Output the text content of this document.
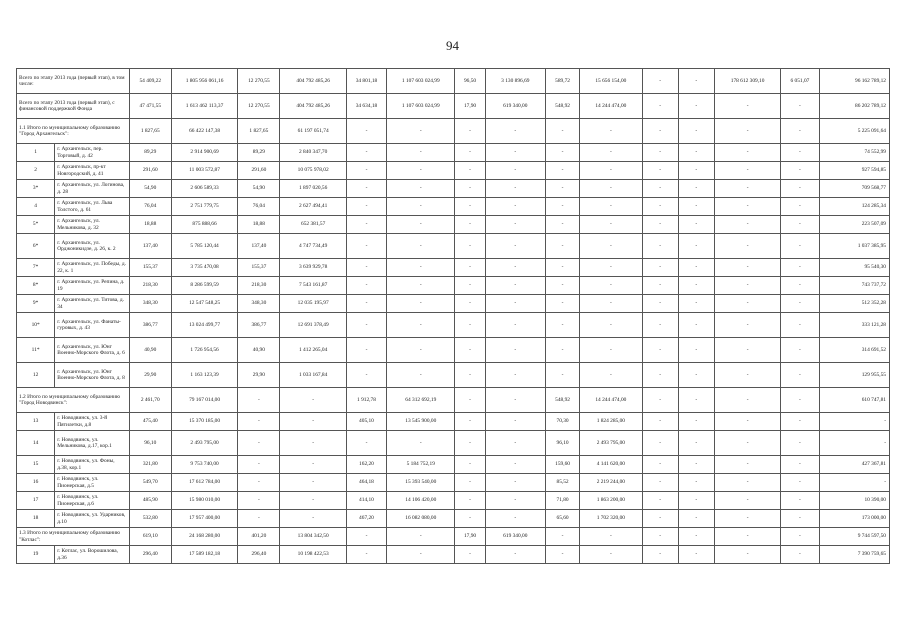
94
Всего по этапу 2013 года (первый этап), в том числе:		54 409,22	1 805 956 061,16	12 270,55	404 792 485,26	34 801,18	1 107 603 024,99	96,50	3 130 896,69	589,72	15 656 154,00	-	-	178 612 309,10	6 051,07	96 162 789,12
Всего по этапу 2013 года (первый этап), с финансовой поддержкой Фонда		47 471,55	1 613 462 113,37	12 270,55	404 792 485,26	34 634,18	1 107 603 024,99	17,90	619 340,00	548,92	14 244 474,00	-	-	-	-	86 202 789,12
1.1 Итого по муниципальному образованию "Город Архангельск":		1 827,65	66 422 147,38	1 827,65	61 197 051,74	-	-	-	-	-	-	-	-	-	-	5 225 091,64
1	г. Архангельск, пер. Торговый, д. 42	89,29	2 914 900,69	89,29	2 840 347,70	-	-	-	-	-	-	-	-	-	-	74 552,99
2	г. Архангельск, пр-кт Новгородский, д. 41	291,60	11 003 572,87	291,60	10 075 978,02	-	-	-	-	-	-	-	-	-	-	927 594,85
3*	г. Архангельск, ул. Логинова, д. 28	54,90	2 606 589,33	54,90	1 897 020,56	-	-	-	-	-	-	-	-	-	-	709 568,77
4	г. Архангельск, ул. Льва Толстого, д. 61	76,04	2 751 779,75	76,04	2 627 494,41	-	-	-	-	-	-	-	-	-	-	124 285,34
5*	г. Архангельск, ул. Мельникова, д. 32	18,88	875 888,66	18,88	652 381,57	-	-	-	-	-	-	-	-	-	-	223 507,09
6*	г. Архангельск, ул. Орджоникидзе, д. 26, к. 2	137,40	5 785 120,44	137,40	4 747 734,49	-	-	-	-	-	-	-	-	-	-	1 037 385,95
7*	г. Архангельск, ул. Победы, д. 22, к. 1	155,37	3 735 470,08	155,37	3 639 929,78	-	-	-	-	-	-	-	-	-	-	95 540,30
8*	г. Архангельск, ул. Репина, д. 19	218,30	8 286 599,59	218,30	7 543 161,87	-	-	-	-	-	-	-	-	-	-	743 737,72
9*	г. Архангельск, ул. Титова, д. 34	348,30	12 547 548,25	348,30	12 035 195,97	-	-	-	-	-	-	-	-	-	-	512 352,28
10*	г. Архангельск, ул. Фанаты-гуровых, д. 43	386,77	13 024 499,77	386,77	12 691 378,49	-	-	-	-	-	-	-	-	-	-	333 121,28
11*	г. Архангельск, ул. Юнг Военно-Морского Флота, д. 6	40,90	1 726 954,56	40,90	1 412 265,04	-	-	-	-	-	-	-	-	-	-	314 691,52
12	г. Архангельск, ул. Юнг Военно-Морского Флота, д. 8	29,90	1 163 123,39	29,90	1 033 167,84	-	-	-	-	-	-	-	-	-	-	129 955,55
1.2 Итого по муниципальному образованию "Город Новодвинск":		2 461,70	79 167 014,00	-	-	1 912,78	64 312 692,19	-	-	548,92	14 244 474,00	-	-	-	-	610 747,81
13	г. Новодвинск, ул. 3-й Пятилетки, д.8	475,40	15 370 185,00	-	-	405,10	13 545 900,00	-	-	70,30	1 824 285,00	-	-	-	-	-
14	г. Новодвинск, ул. Мельникова, д.17, кор.1	96,10	2 493 795,00	-	-	-	-	-	-	96,10	2 493 795,00	-	-	-	-	-
15	г. Новодвинск, ул. Фоны, д.38, кор.1	321,80	9 753 740,00	-	-	162,20	5 184 752,19	-	-	159,60	4 141 620,00	-	-	-	-	427 367,81
16	г. Новодвинск, ул. Пионерская, д.5	549,70	17 612 784,00	-	-	464,18	15 393 540,00	-	-	85,52	2 219 244,00	-	-	-	-	-
17	г. Новодвинск, ул. Пионерская, д.6	485,90	15 980 010,00	-	-	414,10	14 106 420,00	-	-	71,80	1 863 200,00	-	-	-	-	10 390,00
18	г. Новодвинск, ул. Ударников, д.10	532,80	17 957 400,00	-	-	467,20	16 082 080,00	-	-	65,60	1 702 320,00	-	-	-	-	173 000,00
1.3 Итого по муниципальному образованию "Котлас":		619,10	24 168 280,00	401,20	13 804 342,50	-	-	17,90	619 340,00	-	-	-	-	-	-	9 744 597,50
19	г. Котлас, ул. Ворошилова, д.36	296,40	17 589 182,18	296,40	10 198 422,53	-	-	-	-	-	-	-	-	-	-	7 390 759,65
